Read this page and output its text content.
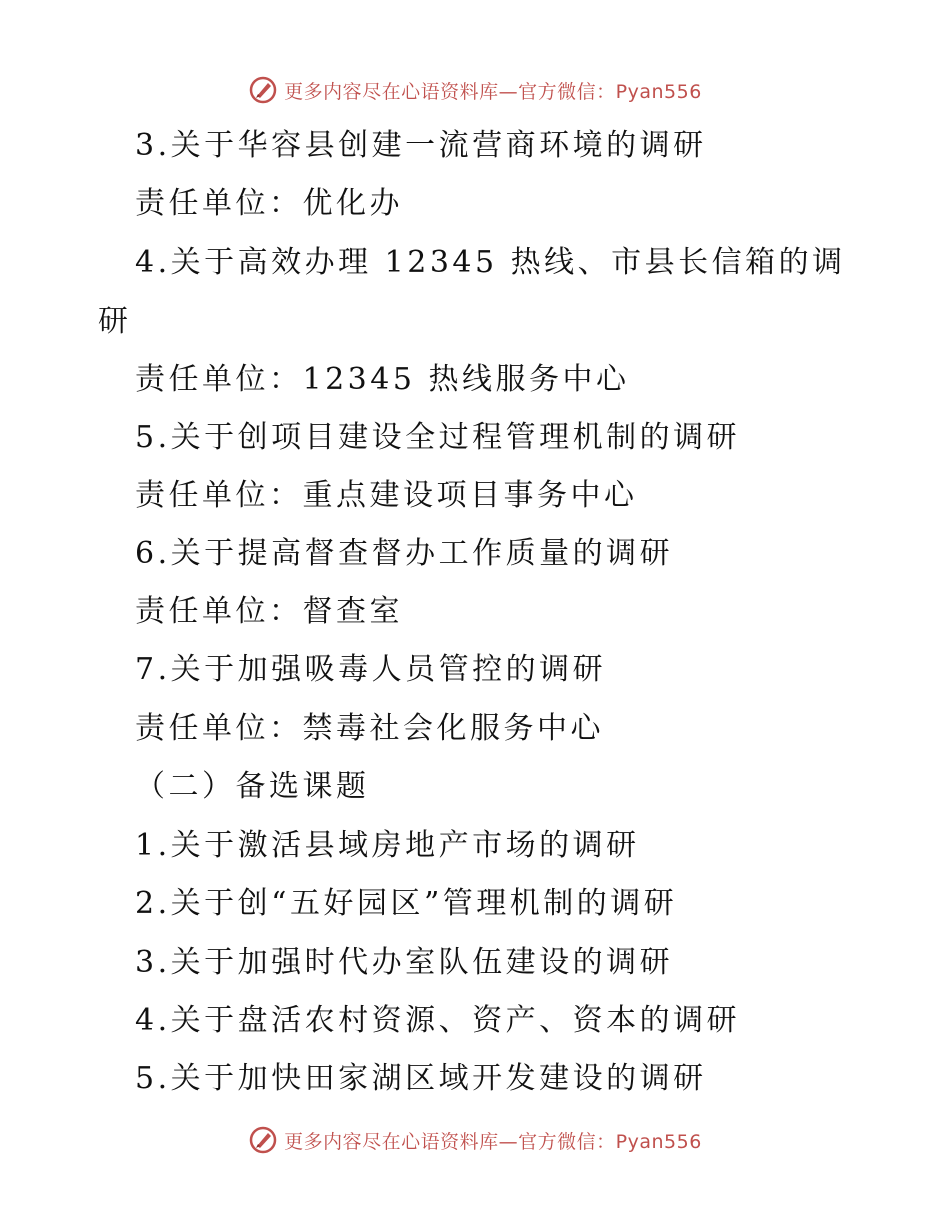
更多内容尽在心语资料库—官方微信：Pyan556
3.关于华容县创建一流营商环境的调研
责任单位：优化办
4.关于高效办理 12345 热线、市县长信箱的调
研
责任单位：12345 热线服务中心
5.关于创项目建设全过程管理机制的调研
责任单位：重点建设项目事务中心
6.关于提高督查督办工作质量的调研
责任单位：督查室
7.关于加强吸毒人员管控的调研
责任单位：禁毒社会化服务中心
（二）备选课题
1.关于激活县域房地产市场的调研
2.关于创“五好园区”管理机制的调研
3.关于加强时代办室队伍建设的调研
4.关于盘活农村资源、资产、资本的调研
5.关于加快田家湖区域开发建设的调研
更多内容尽在心语资料库—官方微信：Pyan556
